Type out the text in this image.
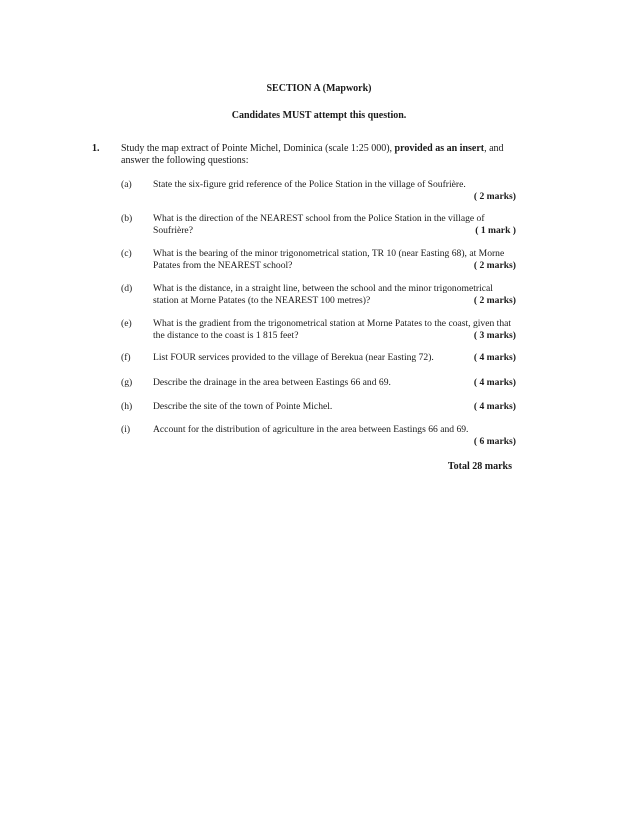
SECTION A (Mapwork)
Candidates MUST attempt this question.
1. Study the map extract of Pointe Michel, Dominica (scale 1:25 000), provided as an insert, and answer the following questions:
(a)	State the six-figure grid reference of the Police Station in the village of Soufrière.
( 2 marks)
(b)	What is the direction of the NEAREST school from the Police Station in the village of Soufrière?	( 1 mark )
(c)	What is the bearing of the minor trigonometrical station, TR 10 (near Easting 68), at Morne Patates from the NEAREST school?	( 2 marks)
(d)	What is the distance, in a straight line, between the school and the minor trigonometrical station at Morne Patates (to the NEAREST 100 metres)?	( 2 marks)
(e)	What is the gradient from the trigonometrical station at Morne Patates to the coast, given that the distance to the coast is 1 815 feet?	( 3 marks)
(f)	List FOUR services provided to the village of Berekua (near Easting 72).	( 4 marks)
(g)	Describe the drainage in the area between Eastings 66 and 69.	( 4 marks)
(h)	Describe the site of the town of Pointe Michel.	( 4 marks)
(i)	Account for the distribution of agriculture in the area between Eastings 66 and 69.
( 6 marks)
Total 28 marks
